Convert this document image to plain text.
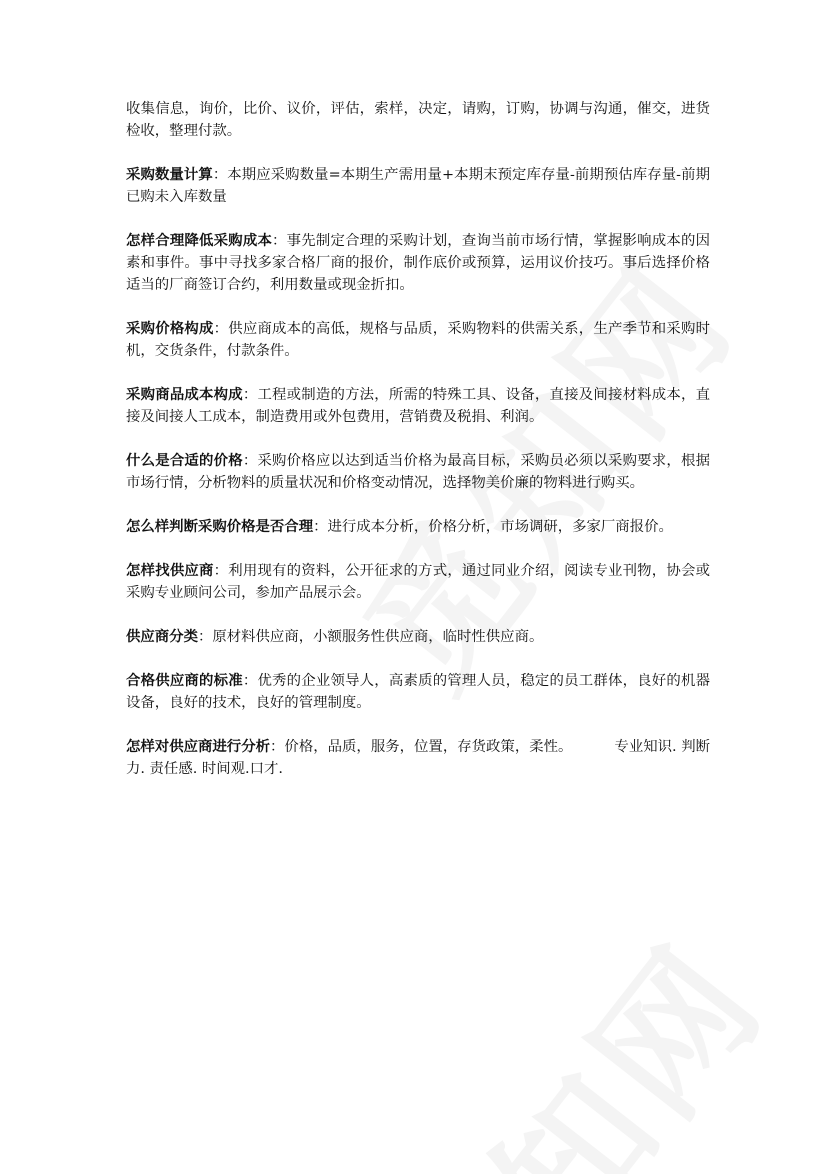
收集信息，询价，比价、议价，评估，索样，决定，请购，订购，协调与沟通，催交，进货检收，整理付款。

采购数量计算：本期应采购数量=本期生产需用量+本期末预定库存量-前期预估库存量-前期已购未入库数量

怎样合理降低采购成本：事先制定合理的采购计划，查询当前市场行情，掌握影响成本的因素和事件。事中寻找多家合格厂商的报价，制作底价或预算，运用议价技巧。事后选择价格适当的厂商签订合约，利用数量或现金折扣。

采购价格构成：供应商成本的高低，规格与品质，采购物料的供需关系，生产季节和采购时机，交货条件，付款条件。

采购商品成本构成：工程或制造的方法，所需的特殊工具、设备，直接及间接材料成本，直接及间接人工成本，制造费用或外包费用，营销费及税捐、利润。

什么是合适的价格：采购价格应以达到适当价格为最高目标，采购员必须以采购要求，根据市场行情，分析物料的质量状况和价格变动情况，选择物美价廉的物料进行购买。

怎么样判断采购价格是否合理：进行成本分析，价格分析，市场调研，多家厂商报价。

怎样找供应商：利用现有的资料，公开征求的方式，通过同业介绍，阅读专业刊物，协会或采购专业顾问公司，参加产品展示会。

供应商分类：原材料供应商，小额服务性供应商，临时性供应商。

合格供应商的标准：优秀的企业领导人，高素质的管理人员，稳定的员工群体，良好的机器设备，良好的技术，良好的管理制度。

怎样对供应商进行分析：价格，品质，服务，位置，存货政策，柔性。	专业知识. 判断力. 责任感. 时间观.口才.
